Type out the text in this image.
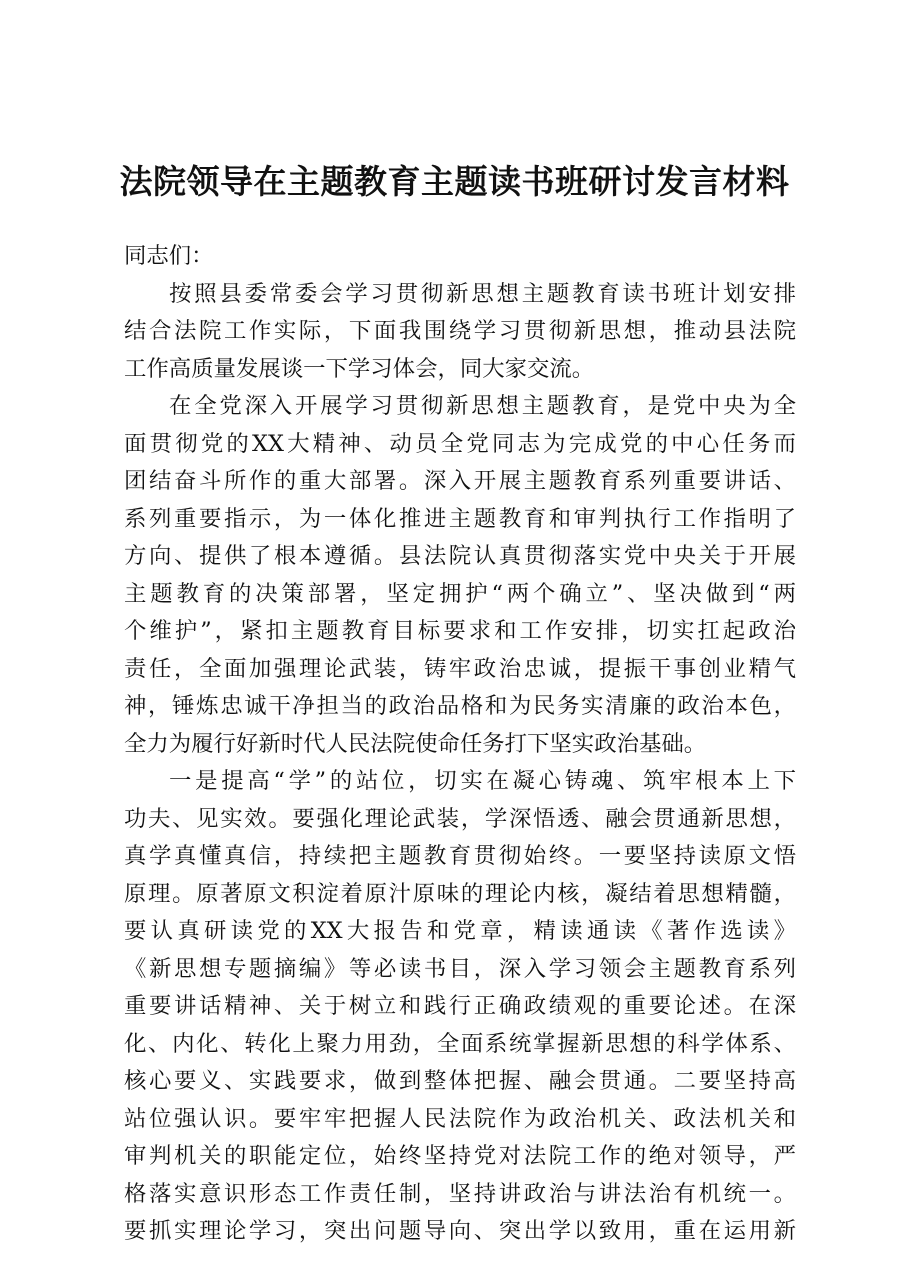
法院领导在主题教育主题读书班研讨发言材料
同志们：
按照县委常委会学习贯彻新思想主题教育读书班计划安排
结合法院工作实际，下面我围绕学习贯彻新思想，推动县法院
工作高质量发展谈一下学习体会，同大家交流。
在全党深入开展学习贯彻新思想主题教育，是党中央为全
面贯彻党的XX大精神、动员全党同志为完成党的中心任务而
团结奋斗所作的重大部署。深入开展主题教育系列重要讲话、
系列重要指示，为一体化推进主题教育和审判执行工作指明了
方向、提供了根本遵循。县法院认真贯彻落实党中央关于开展
主题教育的决策部署，坚定拥护“两个确立”、坚决做到“两
个维护”，紧扣主题教育目标要求和工作安排，切实扛起政治
责任，全面加强理论武装，铸牢政治忠诚，提振干事创业精气
神，锤炼忠诚干净担当的政治品格和为民务实清廉的政治本色，
全力为履行好新时代人民法院使命任务打下坚实政治基础。
一是提高“学”的站位，切实在凝心铸魂、筑牢根本上下
功夫、见实效。要强化理论武装，学深悟透、融会贯通新思想，
真学真懂真信，持续把主题教育贯彻始终。一要坚持读原文悟
原理。原著原文积淀着原汁原味的理论内核，凝结着思想精髓，
要认真研读党的XX大报告和党章，精读通读《著作选读》
《新思想专题摘编》等必读书目，深入学习领会主题教育系列
重要讲话精神、关于树立和践行正确政绩观的重要论述。在深
化、内化、转化上聚力用劲，全面系统掌握新思想的科学体系、
核心要义、实践要求，做到整体把握、融会贯通。二要坚持高
站位强认识。要牢牢把握人民法院作为政治机关、政法机关和
审判机关的职能定位，始终坚持党对法院工作的绝对领导，严
格落实意识形态工作责任制，坚持讲政治与讲法治有机统一。
要抓实理论学习，突出问题导向、突出学以致用，重在运用新
